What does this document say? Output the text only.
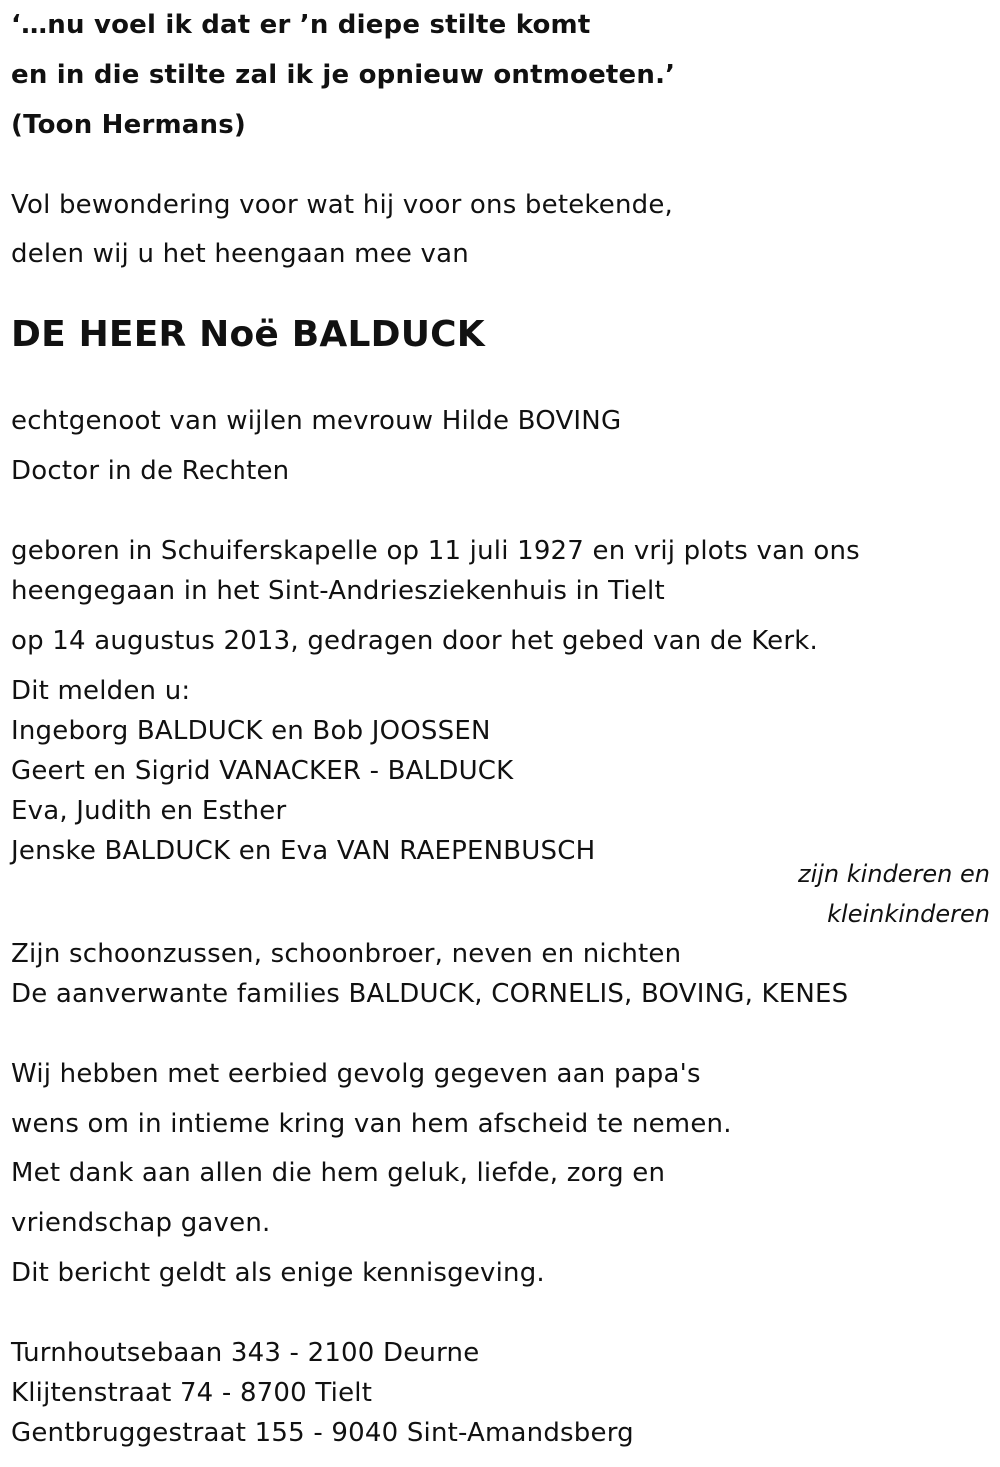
‘…nu voel ik dat er ’n diepe stilte komt
en in die stilte zal ik je opnieuw ontmoeten.’
(Toon Hermans)
Vol bewondering voor wat hij voor ons betekende,
delen wij u het heengaan mee van
DE HEER Noë BALDUCK
echtgenoot van wijlen mevrouw Hilde BOVING
Doctor in de Rechten
geboren in Schuiferskapelle op 11 juli 1927 en vrij plots van ons
heengegaan in het Sint-Andriesziekenhuis in Tielt
op 14 augustus 2013, gedragen door het gebed van de Kerk.
Dit melden u:
Ingeborg BALDUCK en Bob JOOSSEN
Geert en Sigrid VANACKER - BALDUCK
Eva, Judith en Esther
Jenske BALDUCK en Eva VAN RAEPENBUSCH
zijn kinderen en
kleinkinderen
Zijn schoonzussen, schoonbroer, neven en nichten
De aanverwante families BALDUCK, CORNELIS, BOVING, KENES
Wij hebben met eerbied gevolg gegeven aan papa's
wens om in intieme kring van hem afscheid te nemen.
Met dank aan allen die hem geluk, liefde, zorg en
vriendschap gaven.
Dit bericht geldt als enige kennisgeving.
Turnhoutsebaan 343 - 2100 Deurne
Klijtenstraat 74 - 8700 Tielt
Gentbruggestraat 155 - 9040 Sint-Amandsberg
